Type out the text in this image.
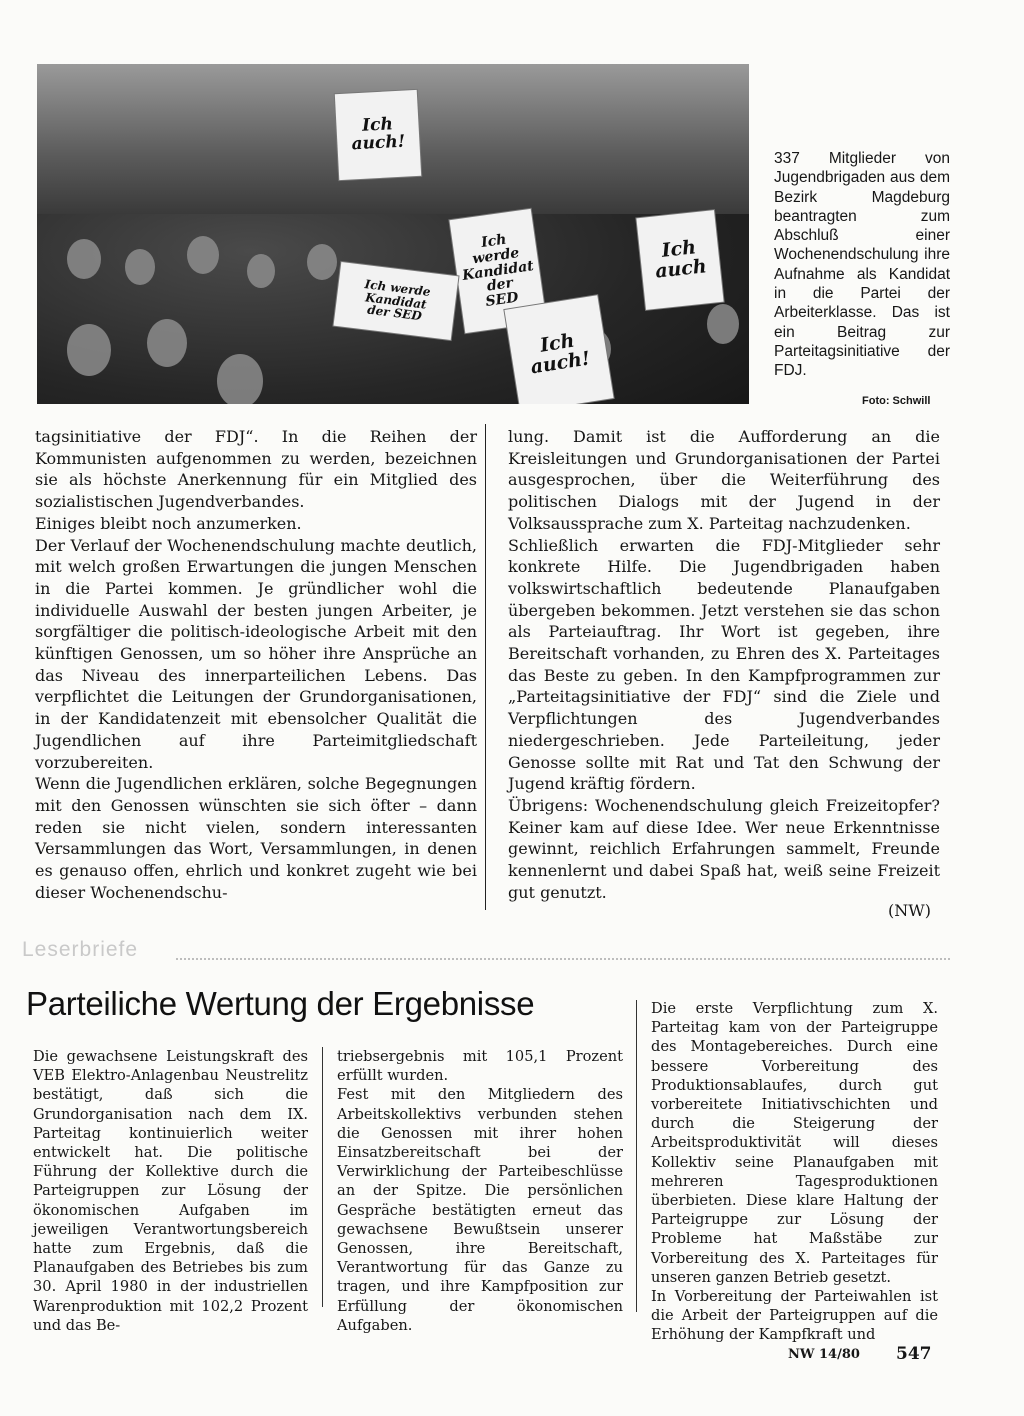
Ich
auch!
Ich
werde
Kandidat
der
SED
Ich werde
Kandidat
der SED
Ich
auch!
Ich
auch

337 Mitglieder von Jugendbrigaden aus dem Bezirk Magdeburg beantragten zum Abschluß einer Wochenendschulung ihre Aufnahme als Kandidat in die Partei der Arbeiterklasse. Das ist ein Beitrag zur Parteitagsinitiative der FDJ.

Foto: Schwill

tagsinitiative der FDJ“. In die Reihen der Kommunisten aufgenommen zu werden, bezeichnen sie als höchste Anerkennung für ein Mitglied des sozialistischen Jugendverbandes.

Einiges bleibt noch anzumerken.

Der Verlauf der Wochenendschulung machte deutlich, mit welch großen Erwartungen die jungen Menschen in die Partei kommen. Je gründlicher wohl die individuelle Auswahl der besten jungen Arbeiter, je sorgfältiger die politisch-ideologische Arbeit mit den künftigen Genossen, um so höher ihre Ansprüche an das Niveau des innerparteilichen Lebens. Das verpflichtet die Leitungen der Grundorganisationen, in der Kandidatenzeit mit ebensolcher Qualität die Jugendlichen auf ihre Parteimitgliedschaft vorzubereiten.

Wenn die Jugendlichen erklären, solche Begegnungen mit den Genossen wünschten sie sich öfter – dann reden sie nicht vielen, sondern interessanten Versammlungen das Wort, Versammlungen, in denen es genauso offen, ehrlich und konkret zugeht wie bei dieser Wochenendschu-

lung. Damit ist die Aufforderung an die Kreisleitungen und Grundorganisationen der Partei ausgesprochen, über die Weiterführung des politischen Dialogs mit der Jugend in der Volksaussprache zum X. Parteitag nachzudenken.

Schließlich erwarten die FDJ-Mitglieder sehr konkrete Hilfe. Die Jugendbrigaden haben volkswirtschaftlich bedeutende Planaufgaben übergeben bekommen. Jetzt verstehen sie das schon als Parteiauftrag. Ihr Wort ist gegeben, ihre Bereitschaft vorhanden, zu Ehren des X. Parteitages das Beste zu geben. In den Kampfprogrammen zur „Parteitagsinitiative der FDJ“ sind die Ziele und Verpflichtungen des Jugendverbandes niedergeschrieben. Jede Parteileitung, jeder Genosse sollte mit Rat und Tat den Schwung der Jugend kräftig fördern.

Übrigens: Wochenendschulung gleich Freizeitopfer? Keiner kam auf diese Idee. Wer neue Erkenntnisse gewinnt, reichlich Erfahrungen sammelt, Freunde kennenlernt und dabei Spaß hat, weiß seine Freizeit gut genutzt.

(NW)
Leserbriefe
Parteiliche Wertung der Ergebnisse

Die gewachsene Leistungskraft des VEB Elektro-Anlagenbau Neustrelitz bestätigt, daß sich die Grundorganisation nach dem IX. Parteitag kontinuierlich weiter entwickelt hat. Die politische Führung der Kollektive durch die Parteigruppen zur Lösung der ökonomischen Aufgaben im jeweiligen Verantwortungsbereich hatte zum Ergebnis, daß die Planaufgaben des Betriebes bis zum 30. April 1980 in der industriellen Warenproduktion mit 102,2 Prozent und das Be-

triebsergebnis mit 105,1 Prozent erfüllt wurden.

Fest mit den Mitgliedern des Arbeitskollektivs verbunden stehen die Genossen mit ihrer hohen Einsatzbereitschaft bei der Verwirklichung der Parteibeschlüsse an der Spitze. Die persönlichen Gespräche bestätigten erneut das gewachsene Bewußtsein unserer Genossen, ihre Bereitschaft, Verantwortung für das Ganze zu tragen, und ihre Kampfposition zur Erfüllung der ökonomischen Aufgaben.

Die erste Verpflichtung zum X. Parteitag kam von der Parteigruppe des Montagebereiches. Durch eine bessere Vorbereitung des Produktionsablaufes, durch gut vorbereitete Initiativschichten und durch die Steigerung der Arbeitsproduktivität will dieses Kollektiv seine Planaufgaben mit mehreren Tagesproduktionen überbieten. Diese klare Haltung der Parteigruppe zur Lösung der Probleme hat Maßstäbe zur Vorbereitung des X. Parteitages für unseren ganzen Betrieb gesetzt.

In Vorbereitung der Parteiwahlen ist die Arbeit der Parteigruppen auf die Erhöhung der Kampfkraft und

NW 14/80 547
